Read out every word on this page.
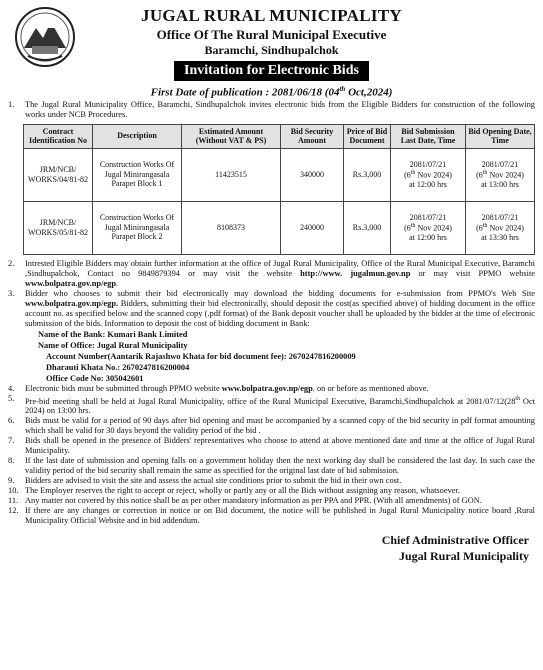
JUGAL RURAL MUNICIPALITY
Office Of The Rural Municipal Executive
Baramchi, Sindhupalchok
Invitation for Electronic Bids
First Date of publication : 2081/06/18 (04th Oct,2024)
1. The Jugal Rural Municipality Office, Baramchi, Sindhupalchok invites electronic bids from the Eligible Bidders for construction of the following works under NCB Procedures.
Contract Identification No	Description	Estimated Amount (Without VAT & PS)	Bid Security Amount	Price of Bid Document	Bid Submission Last Date, Time	Bid Opening Date, Time
JRM/NCB/ WORKS/04/81-82	Construction Works Of Jugal Minirangasala Parapet Block 1	11423515	340000	Rs.3,000	2081/07/21
(6th Nov 2024)
at 12:00 hrs	2081/07/21
(6th Nov 2024)
at 13:00 hrs
JRM/NCB/ WORKS/05/81-82	Construction Works Of Jugal Minirangasala Parapet Block 2	8108373	240000	Rs.3,000	2081/07/21
(6th Nov 2024)
at 12:00 hrs	2081/07/21
(6th Nov 2024)
at 13:30 hrs
2. Intrested Eligible Bidders may obtain further information at the office of Jugal Rural Municipality, Office of the Rural Municipal Executive, Baramchi ,Sindhupalchok, Contact no 9849879394 or may visit the website http://www. jugalmun.gov.np or may visit PPMO website www.bolpatra.gov.np/egp.
3. Bidder who chooses to submit their bid electronically may download the bidding documents for e-submission from PPMO's Web Site www.bolpatra.gov.np/egp. Bidders, submitting their bid electronically, should deposit the cost(as specified above) of bidding document in the office account no. as specified below and the scanned copy (.pdf format) of the Bank deposit voucher shall be uploaded by the bidder at the time of electronic submission of the bids. Information to deposit the cost of bidding document in Bank:
Name of the Bank: Kumari Bank Limited
Name of Office: Jugal Rural Municipality
Account Number(Aantarik Rajashwo Khata for bid document fee): 2670247816200009
Dharauti Khata No.: 2670247816200004
Office Code No: 305042601
4. Electronic bids must be submitted through PPMO website www.bolpatra.gov.np/egp. on or before as mentioned above.
5. Pre-bid meeting shall be held at Jugal Rural Municipality, office of the Rural Municipal Executive, Baramchi,Sindhupalchok at 2081/07/12(28th Oct 2024) on 13:00 hrs.
6. Bids must be valid for a period of 90 days after bid opening and must be accompanied by a scanned copy of the bid security in pdf format amounting which shall be valid for 30 days beyond the validity period of the bid .
7. Bids shall be opened in the presence of Bidders' representatives who choose to attend at above mentioned date and time at the office of Jugal Rural Municipality.
8. If the last date of submission and opening falls on a government holiday then the next working day shall be considered the last day. In such case the validity period of the bid security shall remain the same as specified for the original last date of bid submission.
9. Bidders are advised to visit the site and assess the actual site conditions prior to submit the bid in their own cost.
10. The Employer reserves the right to accept or reject, wholly or partly any or all the Bids without assigning any reason, whatsoever.
11. Any matter not covered by this notice shall be as per other mandatory information as per PPA and PPR. (With all amendments) of GON.
12. If there are any changes or correction in notice or on Bid document, the notice will be published in Jugal Rural Municipality notice board ,Rural Municipality Official Website and in bid addendum.
Chief Administrative Officer
Jugal Rural Municipality
